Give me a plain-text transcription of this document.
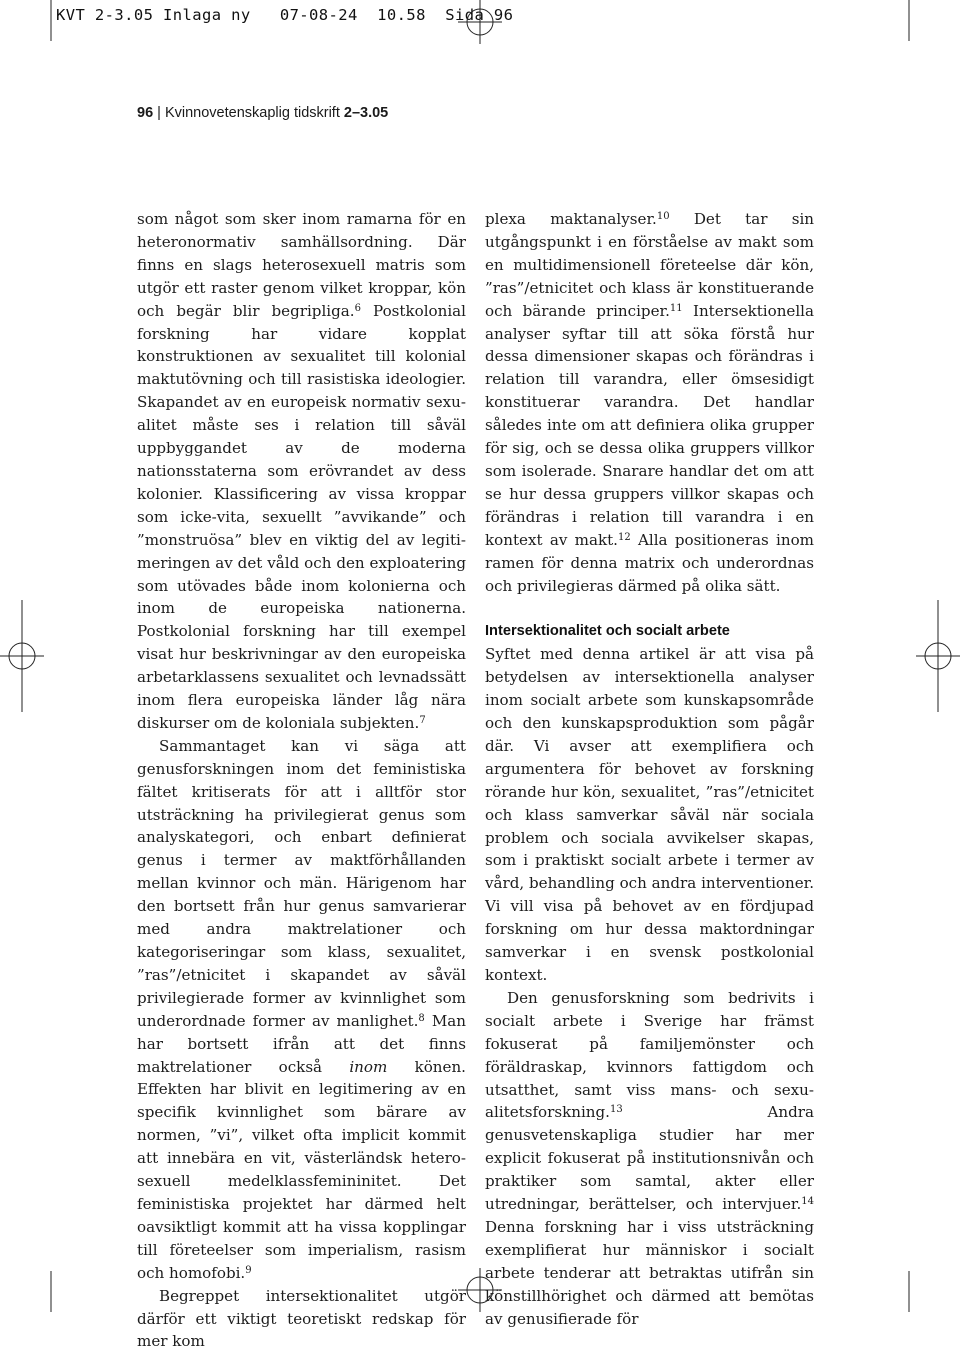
KVT 2-3.05 Inlaga ny   07-08-24  10.58  Sida 96
96 | Kvinnovetenskaplig tidskrift 2–3.05

som något som sker inom ramarna för en heteronormativ samhällsordning. Där finns en slags heterosexuell matris som utgör ett raster genom vilket kroppar, kön och begär blir begripliga.$^6$ Postkolonial forskning har vidare kopplat konstruktionen av sexualitet till kolonial maktutövning och till rasistiska ideologier. Skapandet av en europeisk normativ sexualitet måste ses i relation till såväl uppbyggandet av de moderna nationsstaterna som erövrandet av dess kolonier. Klassificering av vissa kroppar som icke-vita, sexuellt ”avvikande” och ”monstruösa” blev en viktig del av legitimeringen av det våld och den exploatering som utövades både inom kolonierna och inom de europeiska nationerna. Postkolonial forskning har till exempel visat hur beskrivningar av den europeiska arbetarklassens sexualitet och levnadssätt inom flera europeiska länder låg nära diskurser om de koloniala subjekten.$^7$

Sammantaget kan vi säga att genusforskningen inom det feministiska fältet kritiserats för att i alltför stor utsträckning ha privilegierat genus som analyskategori, och enbart definierat genus i termer av maktförhållanden mellan kvinnor och män. Härigenom har den bortsett från hur genus samvarierar med andra maktrelationer och kategoriseringar som klass, sexualitet, ”ras”/etnicitet i skapandet av såväl privilegierade former av kvinnlighet som underordnade former av manlighet.$^8$ Man har bortsett ifrån att det finns maktrelationer också inom könen. Effekten har blivit en legitimering av en specifik kvinnlighet som bärare av normen, ”vi”, vilket ofta implicit kommit att innebära en vit, västerländsk heterosexuell medelklassfemininitet. Det feministiska projektet har därmed helt oavsiktligt kommit att ha vissa kopplingar till företeelser som imperialism, rasism och homofobi.$^9$

Begreppet intersektionalitet utgör därför ett viktigt teoretiskt redskap för mer kom

plexa maktanalyser.$^{10}$ Det tar sin utgångspunkt i en förståelse av makt som en multidimensionell företeelse där kön, ”ras”/etnicitet och klass är konstituerande och bärande principer.$^{11}$ Intersektionella analyser syftar till att söka förstå hur dessa dimensioner skapas och förändras i relation till varandra, eller ömsesidigt konstituerar varandra. Det handlar således inte om att definiera olika grupper för sig, och se dessa olika gruppers villkor som isolerade. Snarare handlar det om att se hur dessa gruppers villkor skapas och förändras i relation till varandra i en kontext av makt.$^{12}$ Alla positioneras inom ramen för denna matrix och underordnas och privilegieras därmed på olika sätt.

Intersektionalitet och socialt arbete

Syftet med denna artikel är att visa på betydelsen av intersektionella analyser inom socialt arbete som kunskapsområde och den kunskapsproduktion som pågår där. Vi avser att exemplifiera och argumentera för behovet av forskning rörande hur kön, sexualitet, ”ras”/etnicitet och klass samverkar såväl när sociala problem och sociala avvikelser skapas, som i praktiskt socialt arbete i termer av vård, behandling och andra interventioner. Vi vill visa på behovet av en fördjupad forskning om hur dessa maktordningar samverkar i en svensk postkolonial kontext.

Den genusforskning som bedrivits i socialt arbete i Sverige har främst fokuserat på familjemönster och föräldraskap, kvinnors fattigdom och utsatthet, samt viss mans- och sexualitetsforskning.$^{13}$ Andra genusvetenskapliga studier har mer explicit fokuserat på institutionsnivån och praktiker som samtal, akter eller utredningar, berättelser, och intervjuer.$^{14}$ Denna forskning har i viss utsträckning exemplifierat hur människor i socialt arbete tenderar att betraktas utifrån sin könstillhörighet och därmed att bemötas av genusifierade för
